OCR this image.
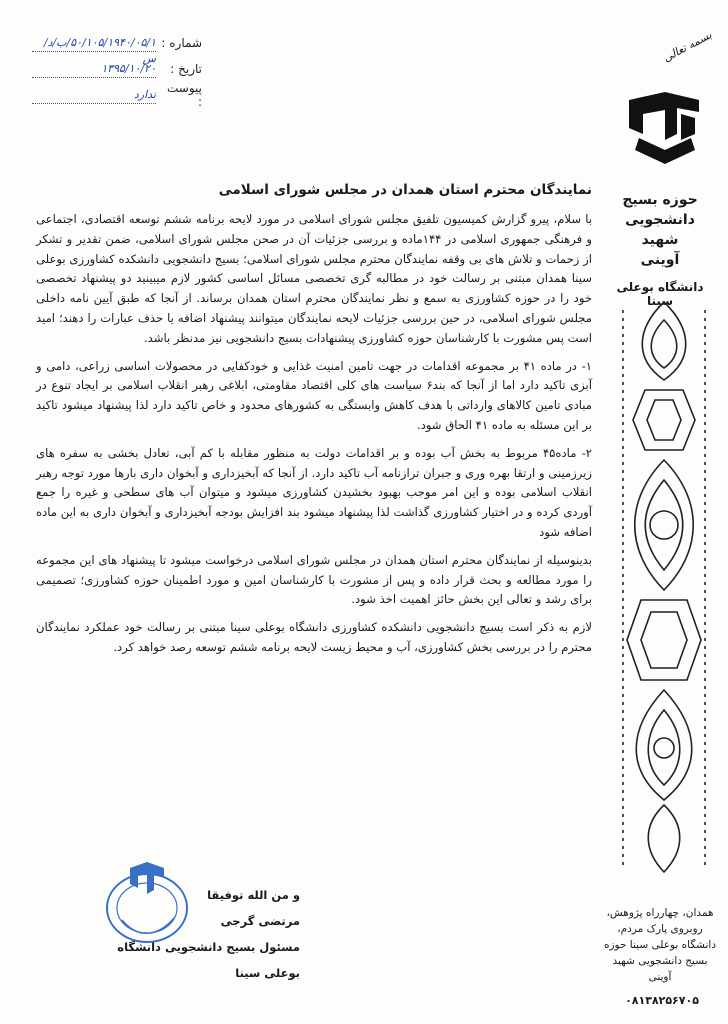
شماره :
۵۰/۱۰۵/۱۹۴۰/۰۵/۱/ب/د/س
تاریخ :
۱۳۹۵/۱۰/۲۰
پیوست :
ندارد
بسمه تعالی
حوزه بسیج
دانشجویی شهید
آوینی
دانشگاه بوعلی سینا
همدان، چهارراه پژوهش، روبروی پارک مردم، دانشگاه بوعلی سینا حوزه بسیج دانشجویی شهید آوینی
۰۸۱۳۸۲۵۶۷۰۵
نمایندگان محترم استان همدان در مجلس شورای اسلامی

با سلام، پیرو گزارش کمیسیون تلفیق مجلس شورای اسلامی در مورد لایحه برنامه ششم توسعه اقتصادی، اجتماعی و فرهنگی جمهوری اسلامی در ۱۴۴ماده و بررسی جزئیات آن در صحن مجلس شورای اسلامی، ضمن تقدیر و تشکر از زحمات و تلاش های بی وقفه نمایندگان محترم مجلس شورای اسلامی؛ بسیج دانشجویی دانشکده کشاورزی بوعلی سینا همدان مبتنی بر رسالت خود در مطالبه گری تخصصی مسائل اساسی کشور لازم میبینید دو پیشنهاد تخصصی خود را در حوزه کشاورزی به سمع و نظر نمایندگان محترم استان همدان برساند. از آنجا که طبق آیین نامه داخلی مجلس شورای اسلامی، در حین بررسی جزئیات لایحه نمایندگان میتوانند پیشنهاد اضافه یا حذف عبارات را دهند؛ امید است پس مشورت با کارشناسان حوزه کشاورزی پیشنهادات بسیج دانشجویی نیز مدنظر باشد.

۱- در ماده ۴۱ بر مجموعه اقدامات در جهت تامین امنیت غذایی و خودکفایی در محصولات اساسی زراعی، دامی و آبزی تاکید دارد اما از آنجا که بند۶ سیاست های کلی اقتصاد مقاومتی، ابلاغی رهبر انقلاب اسلامی بر ایجاد تنوع در مبادی تامین کالاهای وارداتی با هدف کاهش وابستگی به کشورهای محدود و خاص تاکید دارد لذا پیشنهاد میشود تاکید بر این مسئله به ماده ۴۱ الحاق شود.

۲- ماده۴۵ مربوط به بخش آب بوده و بر اقدامات دولت به منظور مقابله با کم آبی، تعادل بخشی به سفره های زیرزمینی و ارتقا بهره وری و جبران ترازنامه آب تاکید دارد. از آنجا که آبخیزداری و آبخوان داری بارها مورد توجه رهبر انقلاب اسلامی بوده و این امر موجب بهبود بخشیدن کشاورزی میشود و میتوان آب های سطحی و غیره را جمع آوردی کرده و در اختیار کشاورزی گذاشت لذا پیشنهاد میشود بند افزایش بودجه آبخیزداری و آبخوان داری به این ماده اضافه شود

بدینوسیله از نمایندگان محترم استان همدان در مجلس شورای اسلامی درخواست میشود تا پیشنهاد های این مجموعه را مورد مطالعه و بحث قرار داده و پس از مشورت با کارشناسان امین و مورد اطمینان حوزه کشاورزی؛ تصمیمی برای رشد و تعالی این بخش حائز اهمیت اخذ شود.

لازم به ذکر است بسیج دانشجویی دانشکده کشاورزی دانشگاه بوعلی سینا مبتنی بر رسالت خود عملکرد نمایندگان محترم را در بررسی بخش کشاورزی، آب و محیط زیست لایحه برنامه ششم توسعه رصد خواهد کرد.

و من الله توفیقا
مرتضی گرجی
مسئول بسیج دانشجویی دانشگاه بوعلی سینا
